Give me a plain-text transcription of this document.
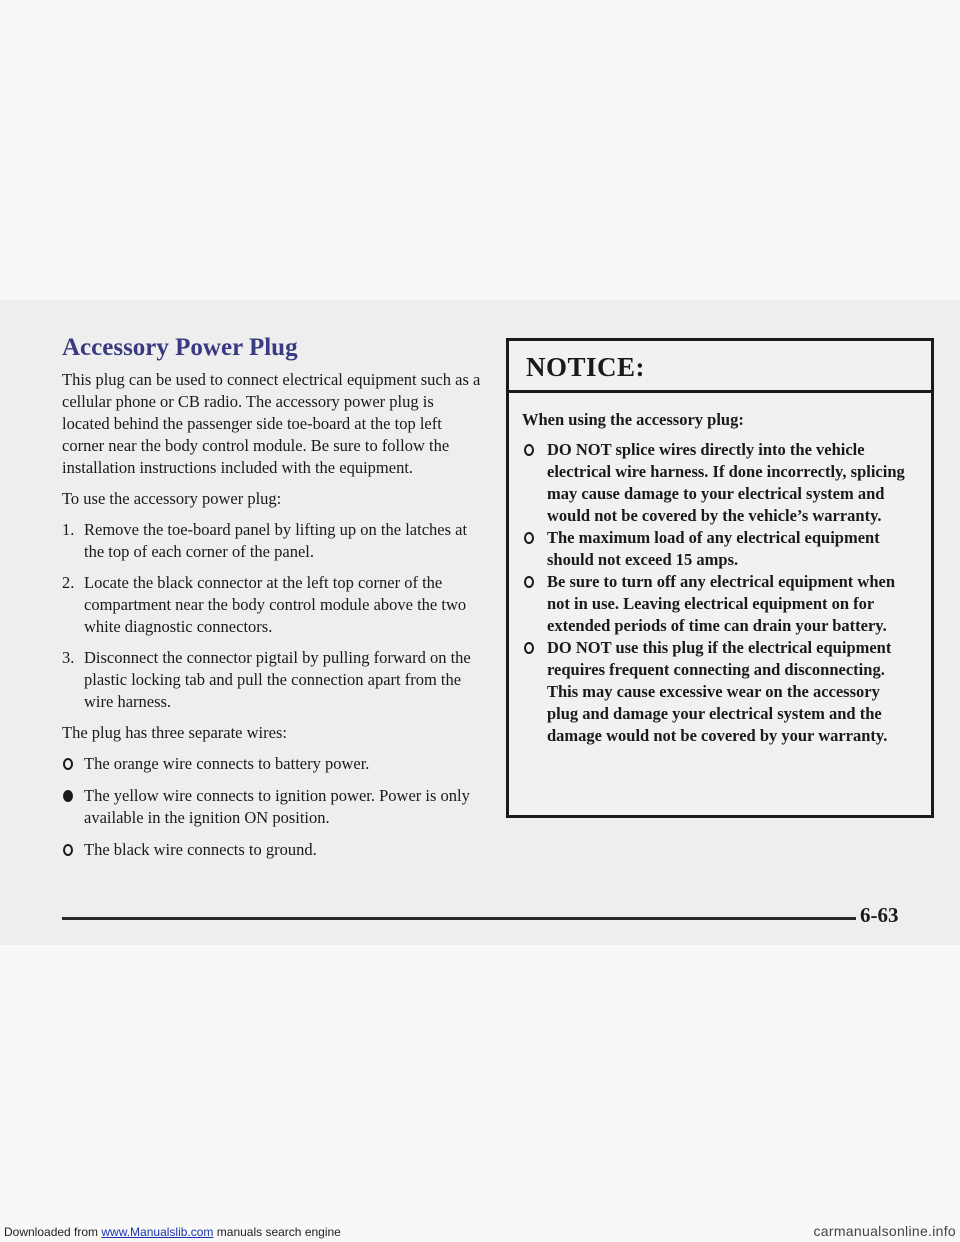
Accessory Power Plug

This plug can be used to connect electrical equipment such as a cellular phone or CB radio. The accessory power plug is located behind the passenger side toe-board at the top left corner near the body control module. Be sure to follow the installation instructions included with the equipment.

To use the accessory power plug:

1. Remove the toe-board panel by lifting up on the latches at the top of each corner of the panel.
2. Locate the black connector at the left top corner of the compartment near the body control module above the two white diagnostic connectors.
3. Disconnect the connector pigtail by pulling forward on the plastic locking tab and pull the connection apart from the wire harness.

The plug has three separate wires:

The orange wire connects to battery power.
The yellow wire connects to ignition power. Power is only available in the ignition ON position.
The black wire connects to ground.
NOTICE:

When using the accessory plug:

DO NOT splice wires directly into the vehicle electrical wire harness. If done incorrectly, splicing may cause damage to your electrical system and would not be covered by the vehicle’s warranty.
The maximum load of any electrical equipment should not exceed 15 amps.
Be sure to turn off any electrical equipment when not in use. Leaving electrical equipment on for extended periods of time can drain your battery.
DO NOT use this plug if the electrical equipment requires frequent connecting and disconnecting. This may cause excessive wear on the accessory plug and damage your electrical system and the damage would not be covered by your warranty.
6-63
Downloaded from www.Manualslib.com manuals search engine	carmanualsonline.info
